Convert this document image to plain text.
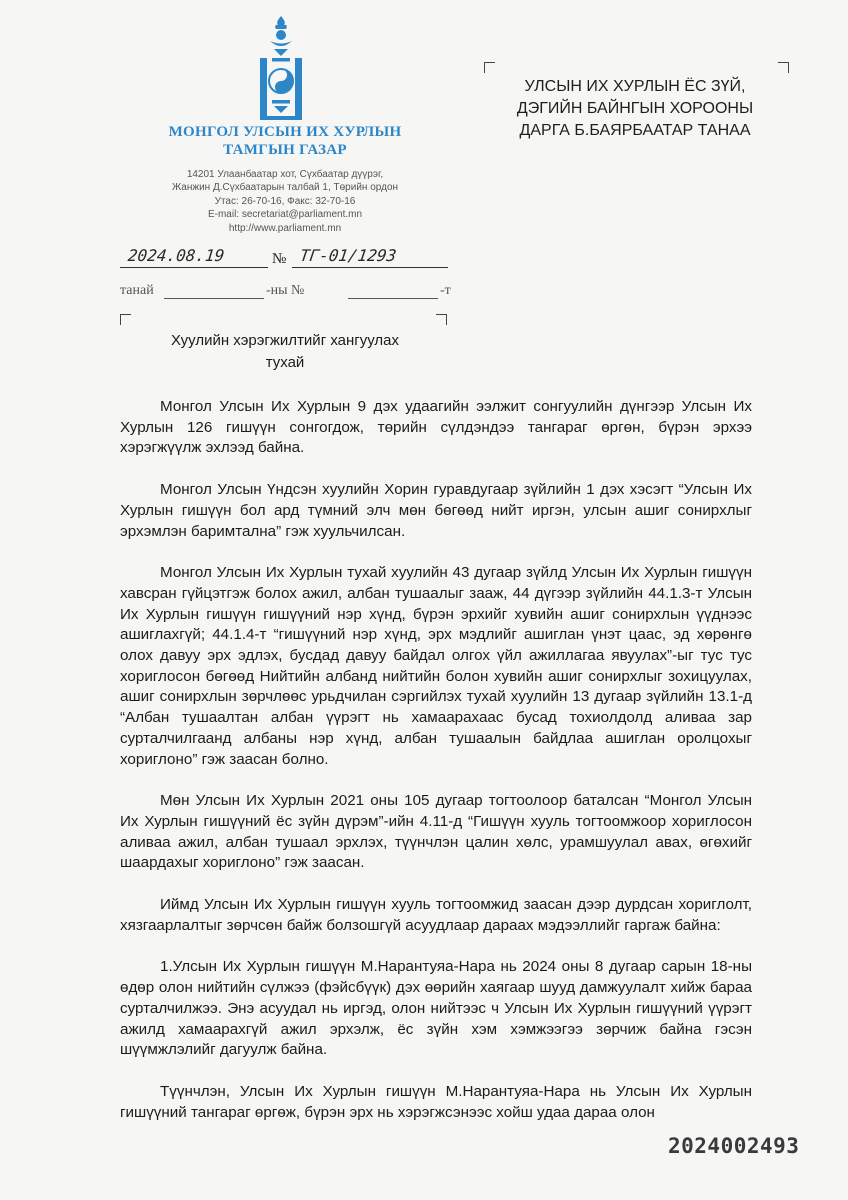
МОНГОЛ УЛСЫН ИХ ХУРЛЫН
ТАМГЫН ГАЗАР
14201 Улаанбаатар хот, Сүхбаатар дүүрэг,
Жанжин Д.Сүхбаатарын талбай 1, Төрийн ордон
Утас: 26-70-16, Факс: 32-70-16
E-mail: secretariat@parliament.mn
http://www.parliament.mn
УЛСЫН ИХ ХУРЛЫН ЁС ЗҮЙ,
ДЭГИЙН БАЙНГЫН ХОРООНЫ
ДАРГА Б.БАЯРБААТАР ТАНАА
2024.08.19	№ ТГ-01/1293
танай	-ны №	-т
Хуулийн хэрэгжилтийг хангуулах
тухай

Монгол Улсын Их Хурлын 9 дэх удаагийн ээлжит сонгуулийн дүнгээр Улсын Их Хурлын 126 гишүүн сонгогдож, төрийн сүлдэндээ тангараг өргөн, бүрэн эрхээ хэрэгжүүлж эхлээд байна.

Монгол Улсын Үндсэн хуулийн Хорин гуравдугаар зүйлийн 1 дэх хэсэгт “Улсын Их Хурлын гишүүн бол ард түмний элч мөн бөгөөд нийт иргэн, улсын ашиг сонирхлыг эрхэмлэн баримтална” гэж хуульчилсан.

Монгол Улсын Их Хурлын тухай хуулийн 43 дугаар зүйлд Улсын Их Хурлын гишүүн хавсран гүйцэтгэж болох ажил, албан тушаалыг зааж, 44 дүгээр зүйлийн 44.1.3-т Улсын Их Хурлын гишүүн гишүүний нэр хүнд, бүрэн эрхийг хувийн ашиг сонирхлын үүднээс ашиглахгүй; 44.1.4-т “гишүүний нэр хүнд, эрх мэдлийг ашиглан үнэт цаас, эд хөрөнгө олох давуу эрх эдлэх, бусдад давуу байдал олгох үйл ажиллагаа явуулах”-ыг тус тус хориглосон бөгөөд Нийтийн албанд нийтийн болон хувийн ашиг сонирхлыг зохицуулах, ашиг сонирхлын зөрчлөөс урьдчилан сэргийлэх тухай хуулийн 13 дугаар зүйлийн 13.1-д “Албан тушаалтан албан үүрэгт нь хамаарахаас бусад тохиолдолд аливаа зар сурталчилгаанд албаны нэр хүнд, албан тушаалын байдлаа ашиглан оролцохыг хориглоно” гэж заасан болно.

Мөн Улсын Их Хурлын 2021 оны 105 дугаар тогтоолоор баталсан “Монгол Улсын Их Хурлын гишүүний ёс зүйн дүрэм”-ийн 4.11-д “Гишүүн хууль тогтоомжоор хориглосон аливаа ажил, албан тушаал эрхлэх, түүнчлэн цалин хөлс, урамшуулал авах, өгөхийг шаардахыг хориглоно” гэж заасан.

Иймд Улсын Их Хурлын гишүүн хууль тогтоомжид заасан дээр дурдсан хориглолт, хязгаарлалтыг зөрчсөн байж болзошгүй асуудлаар дараах мэдээллийг гаргаж байна:

1.Улсын Их Хурлын гишүүн М.Нарантуяа-Нара нь 2024 оны 8 дугаар сарын 18-ны өдөр олон нийтийн сүлжээ (фэйсбүүк) дэх өөрийн хаягаар шууд дамжуулалт хийж бараа сурталчилжээ. Энэ асуудал нь иргэд, олон нийтээс ч Улсын Их Хурлын гишүүний үүрэгт ажилд хамаарахгүй ажил эрхэлж, ёс зүйн хэм хэмжээгээ зөрчиж байна гэсэн шүүмжлэлийг дагуулж байна.

Түүнчлэн, Улсын Их Хурлын гишүүн М.Нарантуяа-Нара нь Улсын Их Хурлын гишүүний тангараг өргөж, бүрэн эрх нь хэрэгжсэнээс хойш удаа дараа олон

2024002493
